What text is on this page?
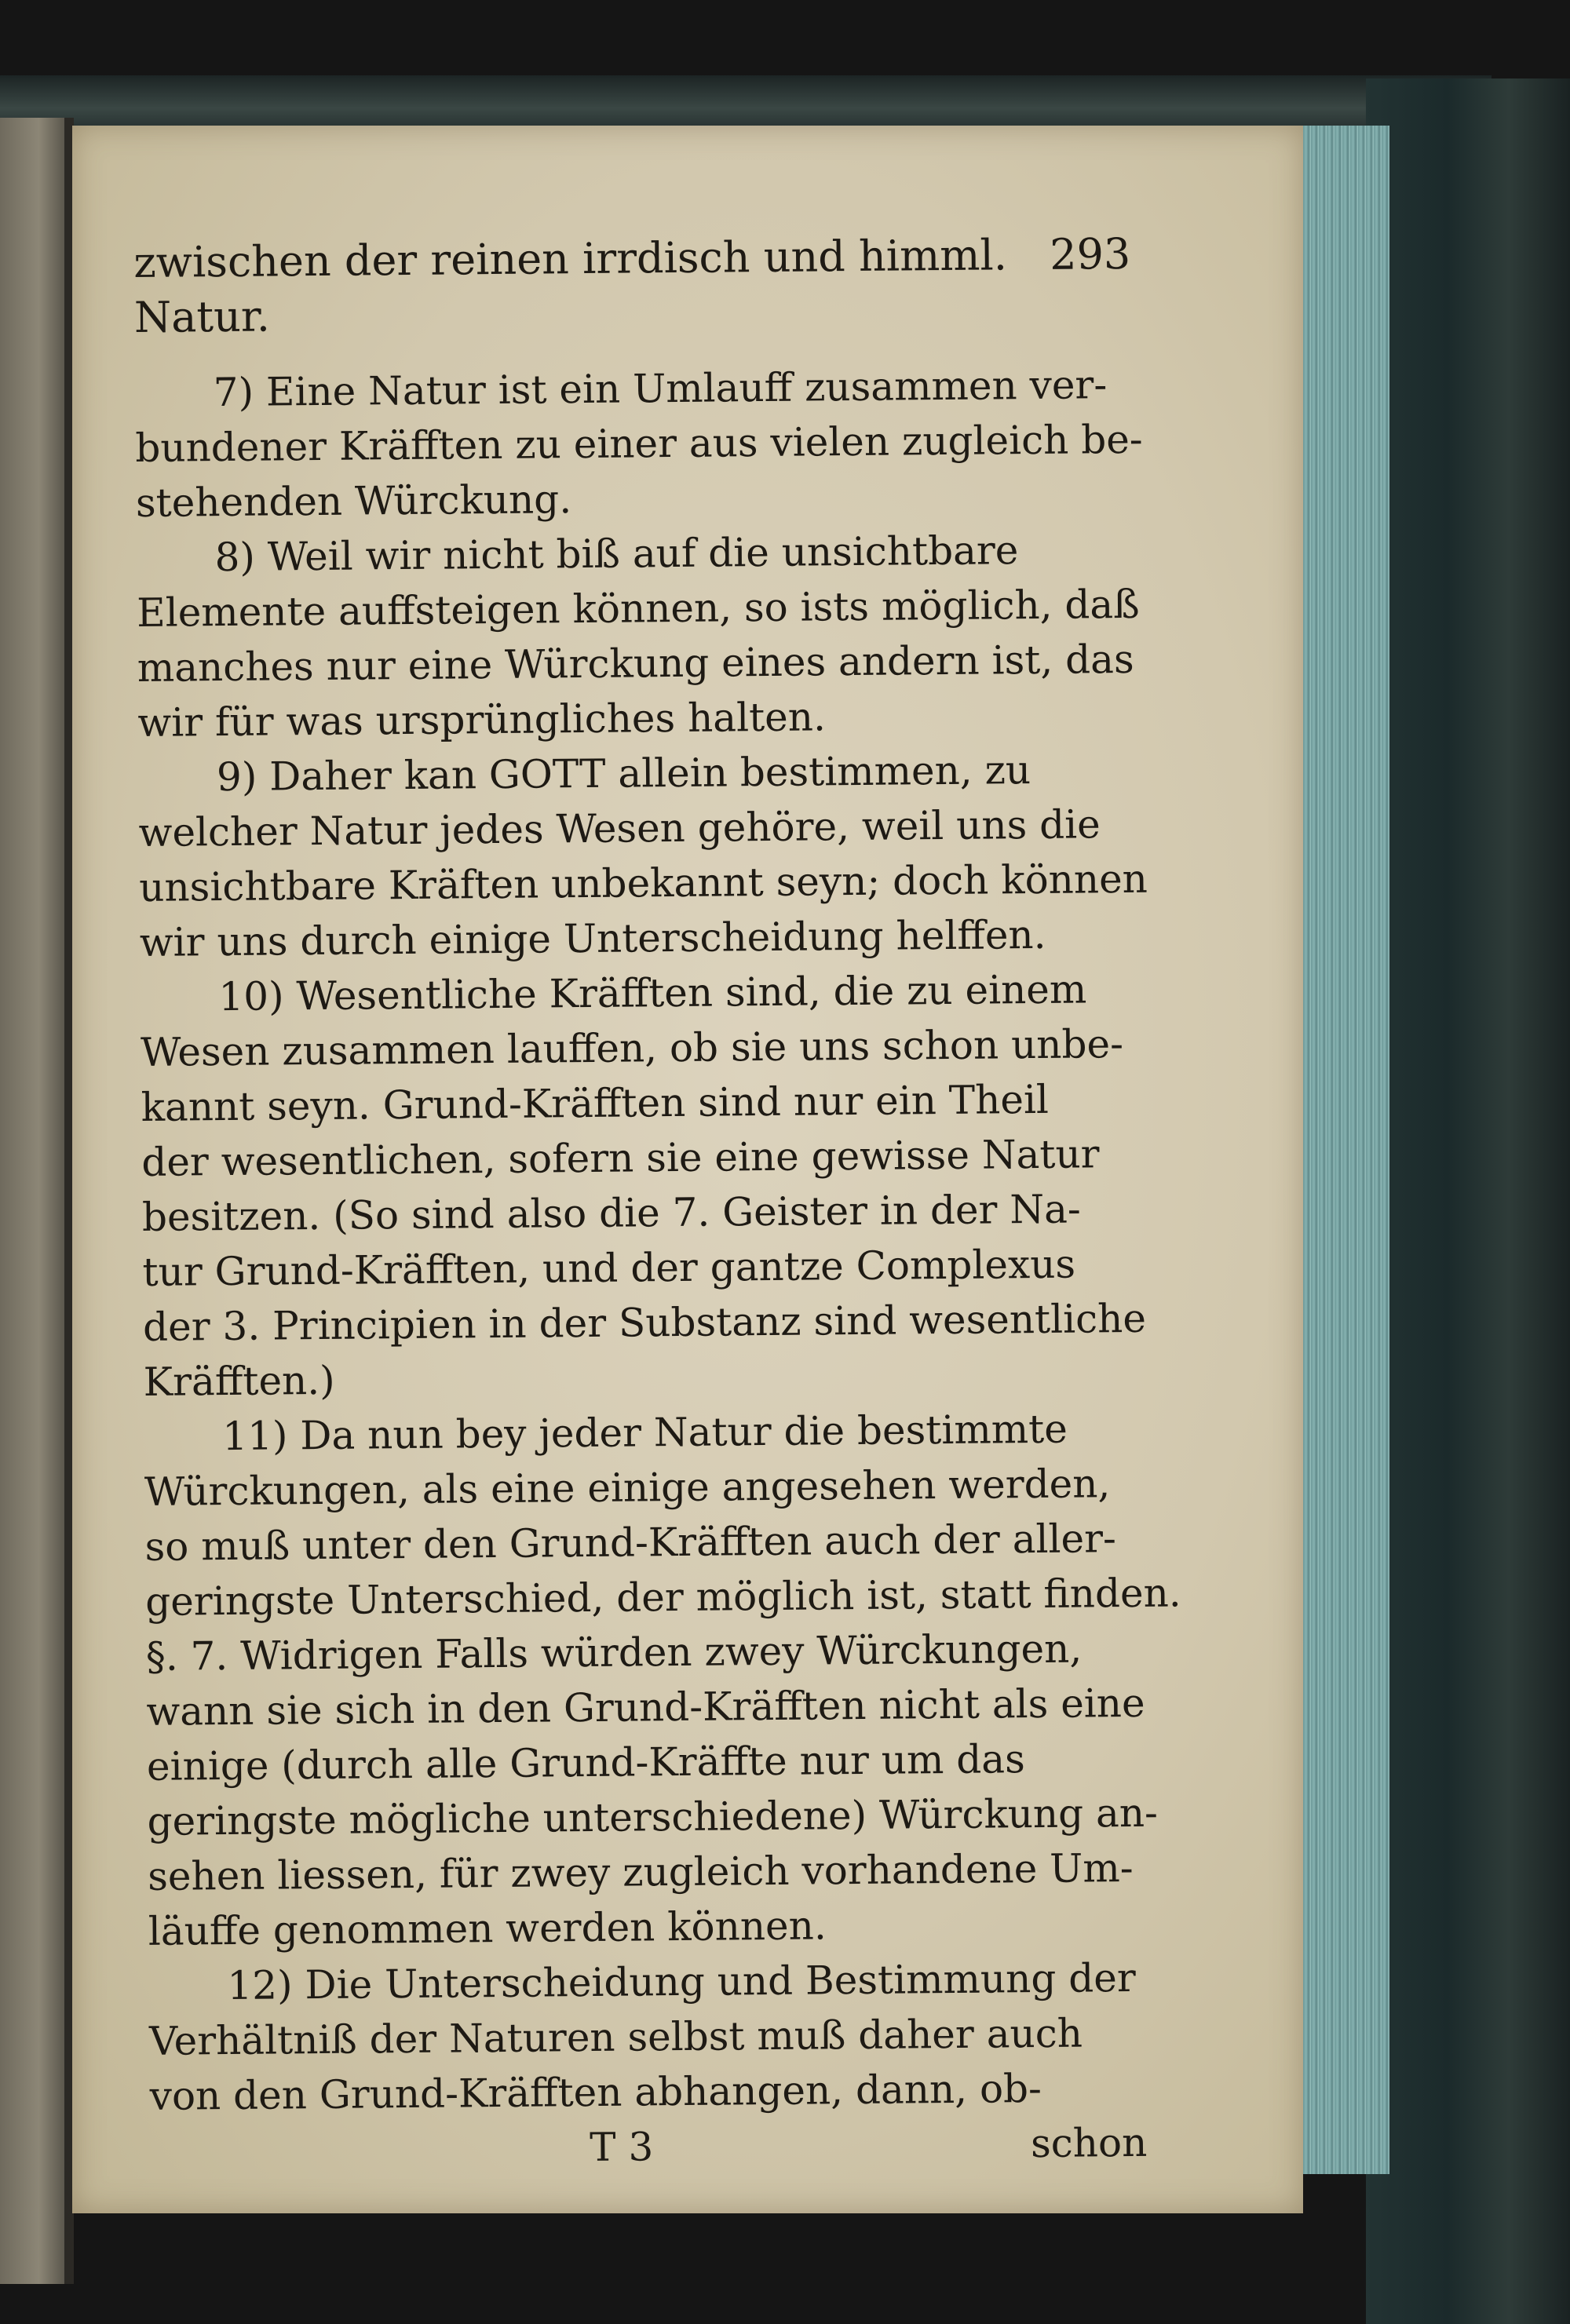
zwischen der reinen irrdisch und himml. Natur.
293
7) Eine Natur ist ein Umlauff zusammen ver-
bundener Kräfften zu einer aus vielen zugleich be-
stehenden Würckung.
8) Weil wir nicht biß auf die unsichtbare
Elemente auffsteigen können, so ists möglich, daß
manches nur eine Würckung eines andern ist, das
wir für was ursprüngliches halten.
9) Daher kan GOTT allein bestimmen, zu
welcher Natur jedes Wesen gehöre, weil uns die
unsichtbare Kräften unbekannt seyn; doch können
wir uns durch einige Unterscheidung helffen.
10) Wesentliche Kräfften sind, die zu einem
Wesen zusammen lauffen, ob sie uns schon unbe-
kannt seyn. Grund-Kräfften sind nur ein Theil
der wesentlichen, sofern sie eine gewisse Natur
besitzen. (So sind also die 7. Geister in der Na-
tur Grund-Kräfften, und der gantze Complexus
der 3. Principien in der Substanz sind wesentliche
Kräfften.)
11) Da nun bey jeder Natur die bestimmte
Würckungen, als eine einige angesehen werden,
so muß unter den Grund-Kräfften auch der aller-
geringste Unterschied, der möglich ist, statt finden.
§. 7. Widrigen Falls würden zwey Würckungen,
wann sie sich in den Grund-Kräfften nicht als eine
einige (durch alle Grund-Kräffte nur um das
geringste mögliche unterschiedene) Würckung an-
sehen liessen, für zwey zugleich vorhandene Um-
läuffe genommen werden können.
12) Die Unterscheidung und Bestimmung der
Verhältniß der Naturen selbst muß daher auch
von den Grund-Kräfften abhangen, dann, ob-
T 3	schon
